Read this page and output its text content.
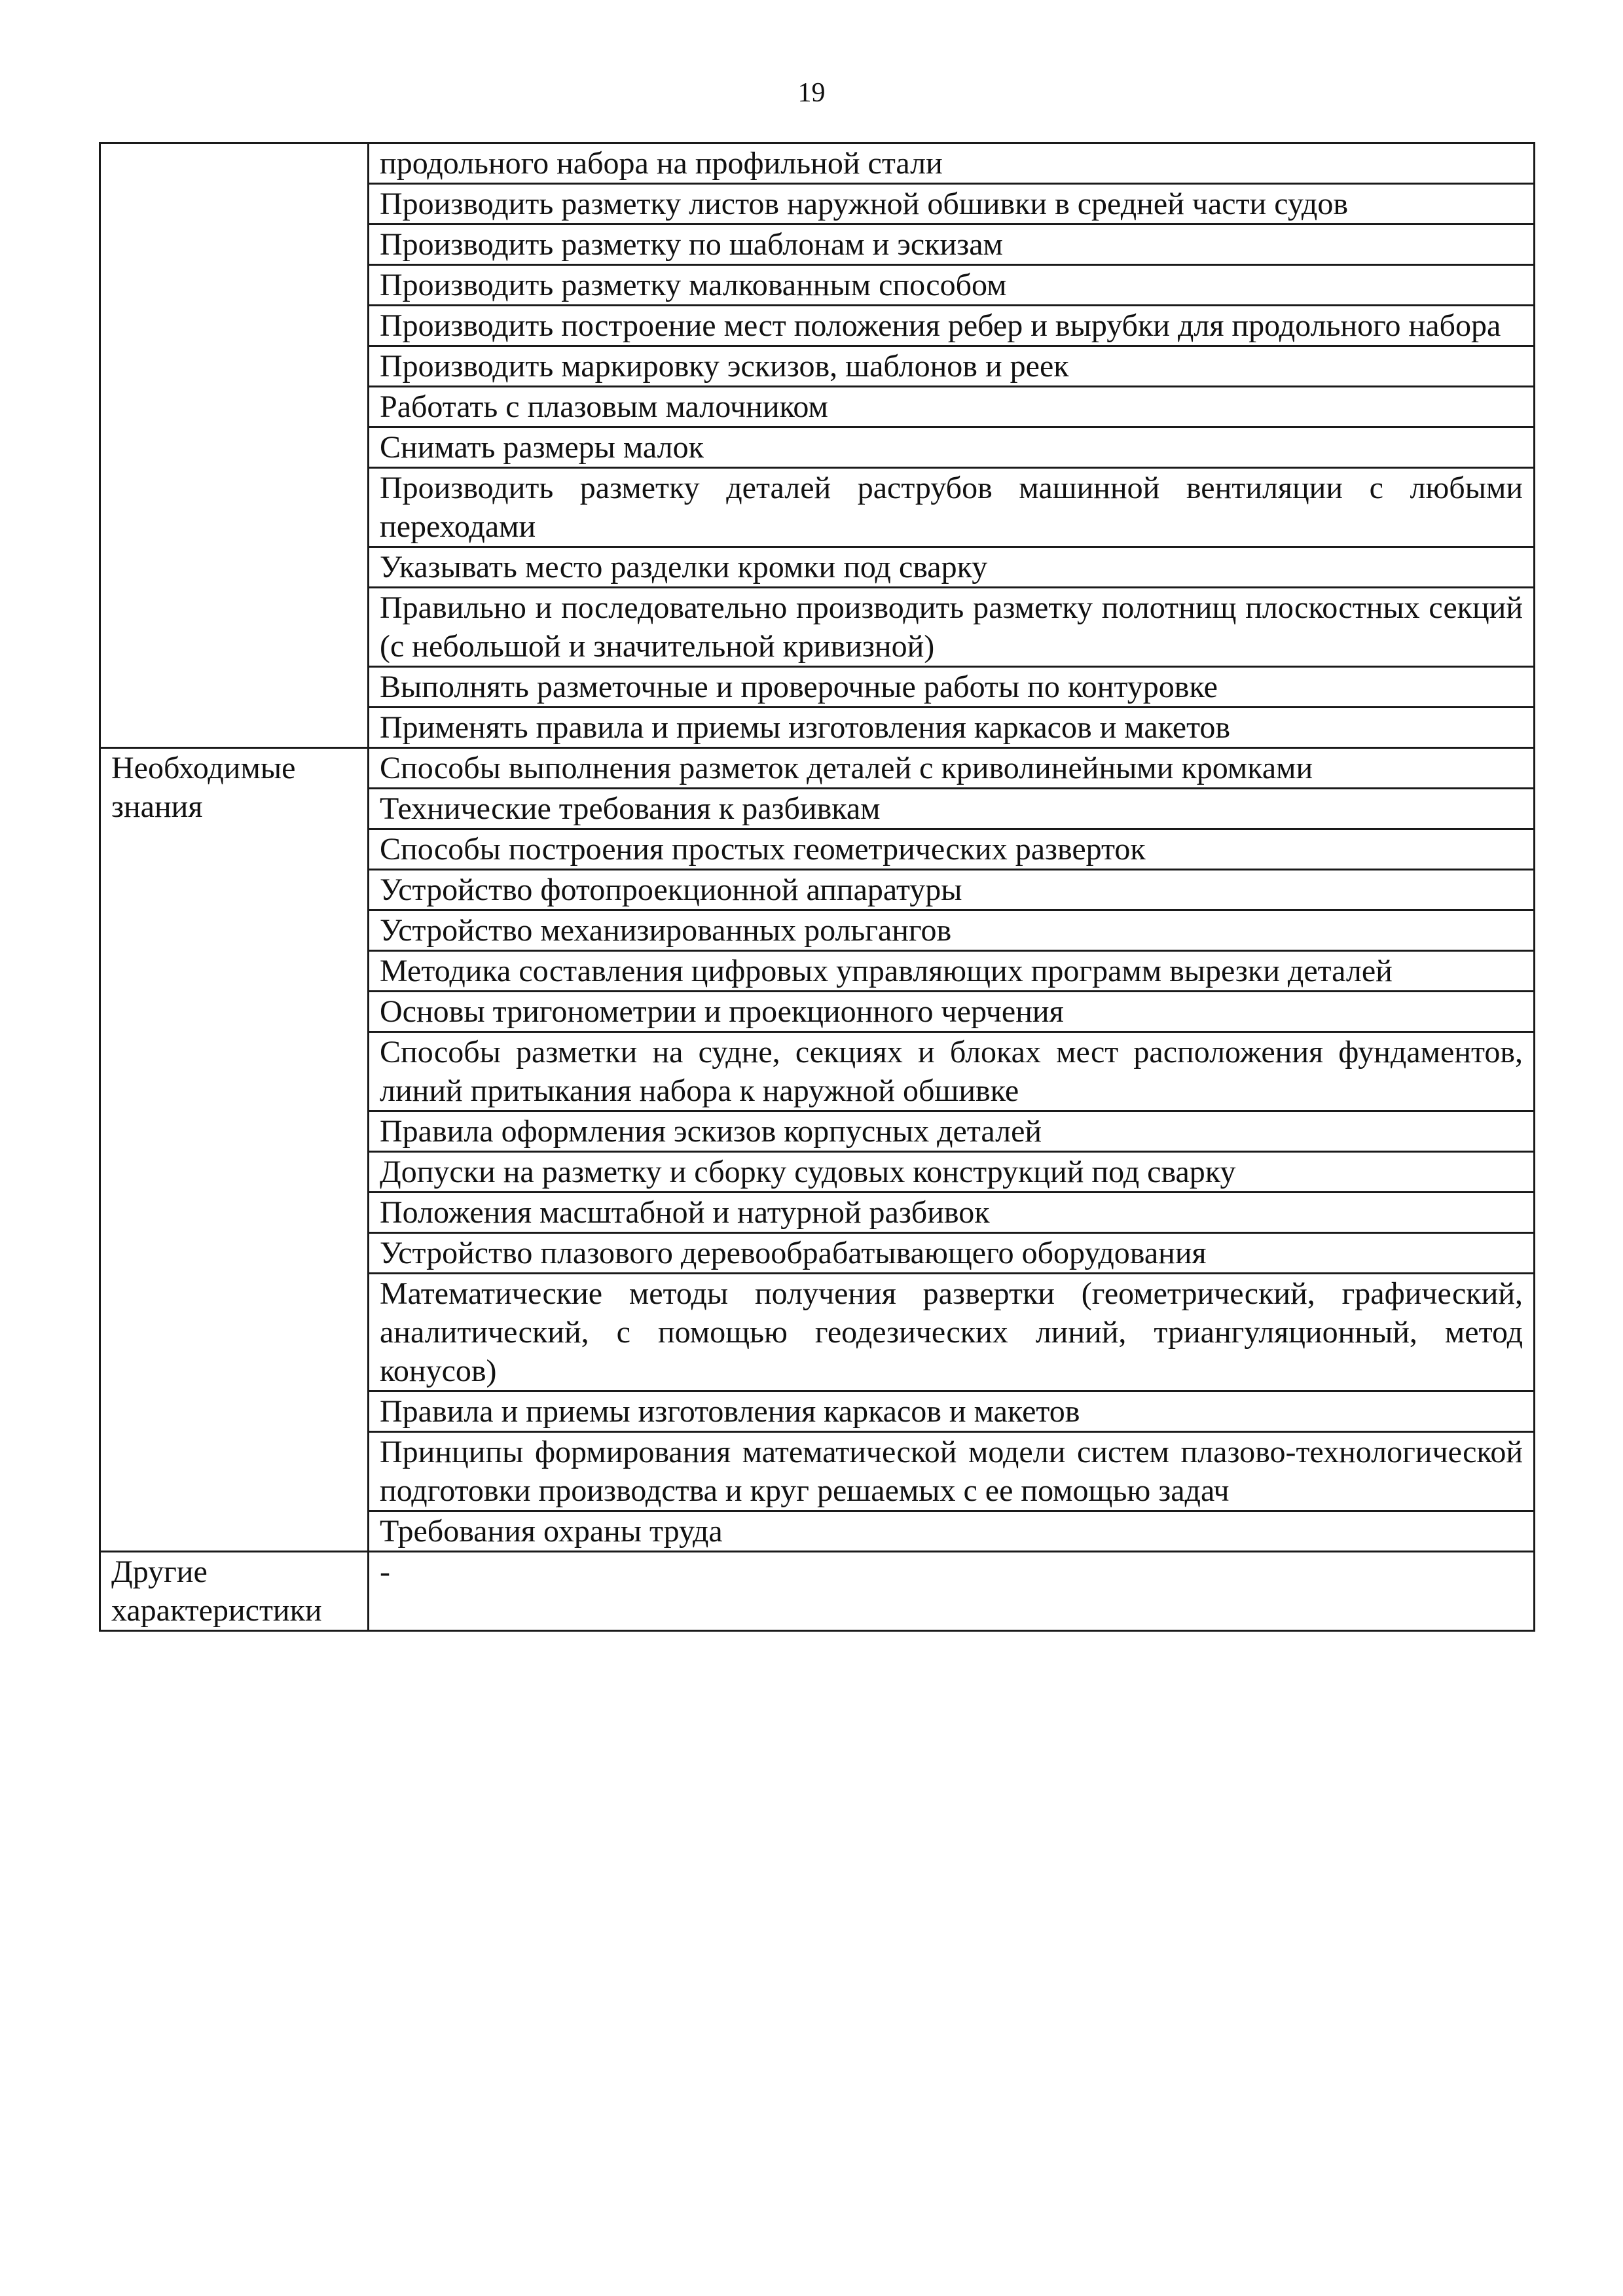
19
	продольного набора на профильной стали
	Производить разметку листов наружной обшивки в средней части судов
	Производить разметку по шаблонам и эскизам
	Производить разметку малкованным способом
	Производить построение мест положения ребер и вырубки для продольного набора
	Производить маркировку эскизов, шаблонов и реек
	Работать с плазовым малочником
	Снимать размеры малок
	Производить разметку деталей раструбов машинной вентиляции с любыми переходами
	Указывать место разделки кромки под сварку
	Правильно и последовательно производить разметку полотнищ плоскостных секций (с небольшой и значительной кривизной)
	Выполнять разметочные и проверочные работы по контуровке
	Применять правила и приемы изготовления каркасов и макетов
Необходимые знания	Способы выполнения разметок деталей с криволинейными кромками
	Технические требования к разбивкам
	Способы построения простых геометрических разверток
	Устройство фотопроекционной аппаратуры
	Устройство механизированных рольгангов
	Методика составления цифровых управляющих программ вырезки деталей
	Основы тригонометрии и проекционного черчения
	Способы разметки на судне, секциях и блоках мест расположения фундаментов, линий притыкания набора к наружной обшивке
	Правила оформления эскизов корпусных деталей
	Допуски на разметку и сборку судовых конструкций под сварку
	Положения масштабной и натурной разбивок
	Устройство плазового деревообрабатывающего оборудования
	Математические методы получения развертки (геометрический, графический, аналитический, с помощью геодезических линий, триангуляционный, метод конусов)
	Правила и приемы изготовления каркасов и макетов
	Принципы формирования математической модели систем плазово-технологической подготовки производства и круг решаемых с ее помощью задач
	Требования охраны труда
Другие характеристики	-
